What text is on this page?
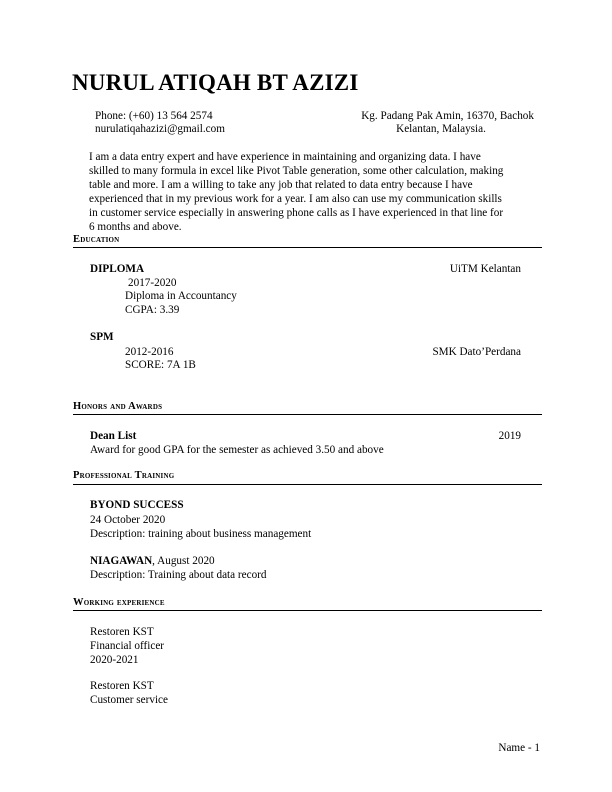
NURUL ATIQAH BT AZIZI
Phone: (+60) 13 564 2574
nurulatiqahazizi@gmail.com
Kg. Padang Pak Amin, 16370, Bachok
Kelantan, Malaysia.
I am a data entry expert and have experience in maintaining and organizing data. I have
skilled to many formula in excel like Pivot Table generation, some other calculation, making
table and more. I am a willing to take any job that related to data entry because I have
experienced that in my previous work for a year. I am also can use my communication skills
in customer service especially in answering phone calls as I have experienced in that line for
6 months and above.
Education
DIPLOMA	UiTM Kelantan
2017-2020
Diploma in Accountancy
CGPA: 3.39
SPM
2012-2016	SMK Dato’Perdana
SCORE: 7A 1B
Honors and Awards
Dean List	2019
Award for good GPA for the semester as achieved 3.50 and above
Professional Training
BYOND SUCCESS
24 October 2020
Description: training about business management
NIAGAWAN, August 2020
Description: Training about data record
Working experience
Restoren KST
Financial officer
2020-2021
Restoren KST
Customer service
Name - 1
